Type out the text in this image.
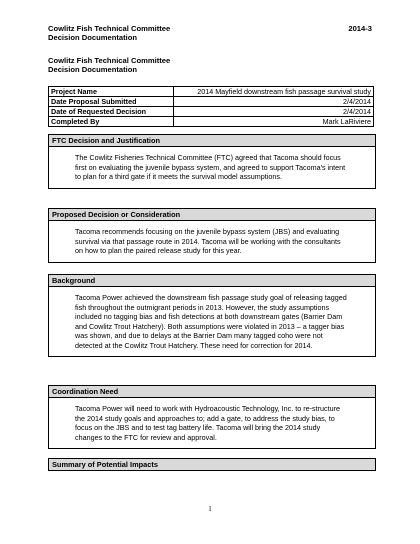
Cowlitz Fish Technical Committee
Decision Documentation
2014-3
Cowlitz Fish Technical Committee
Decision Documentation
Project Name	2014 Mayfield downstream fish passage survival study
Date Proposal Submitted	2/4/2014
Date of Requested Decision	2/4/2014
Completed By	Mark LaRiviere
FTC Decision and Justification
The Cowlitz Fisheries Technical Committee (FTC) agreed that Tacoma should focus first on evaluating the juvenile bypass system, and agreed to support Tacoma's intent to plan for a third gate if it meets the survival model assumptions.
Proposed Decision or Consideration
Tacoma recommends focusing on the juvenile bypass system (JBS) and evaluating survival via that passage route in 2014. Tacoma will be working with the consultants on how to plan the paired release study for this year.
Background
Tacoma Power achieved the downstream fish passage study goal of releasing tagged fish throughout the outmigrant periods in 2013. However, the study assumptions included no tagging bias and fish detections at both downstream gates (Barrier Dam and Cowlitz Trout Hatchery). Both assumptions were violated in 2013 – a tagger bias was shown, and due to delays at the Barrier Dam many tagged coho were not detected at the Cowlitz Trout Hatchery. These need for correction for 2014.
Coordination Need
Tacoma Power will need to work with Hydroacoustic Technology, Inc. to re-structure the 2014 study goals and approaches to; add a gate, to address the study bias, to focus on the JBS and to test tag battery life. Tacoma will bring the 2014 study changes to the FTC for review and approval.
Summary of Potential Impacts
1
